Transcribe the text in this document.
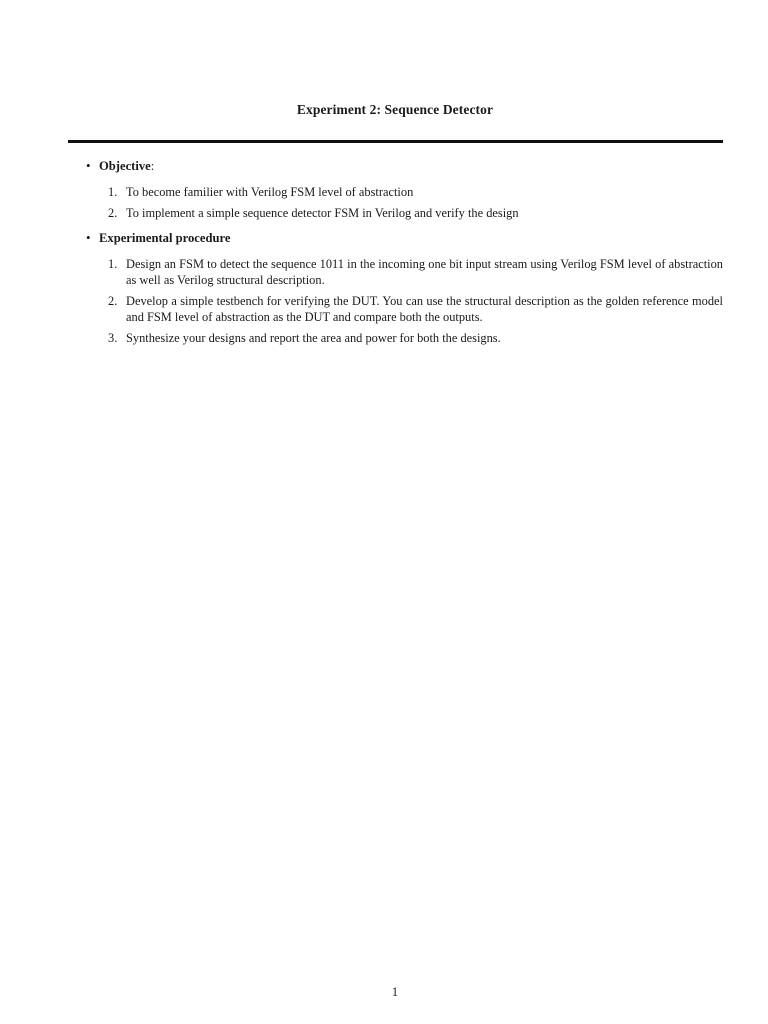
Experiment 2: Sequence Detector
• Objective:
1. To become familier with Verilog FSM level of abstraction
2. To implement a simple sequence detector FSM in Verilog and verify the design
• Experimental procedure
1. Design an FSM to detect the sequence 1011 in the incoming one bit input stream using Verilog FSM level of abstraction as well as Verilog structural description.
2. Develop a simple testbench for verifying the DUT. You can use the structural description as the golden reference model and FSM level of abstraction as the DUT and compare both the outputs.
3. Synthesize your designs and report the area and power for both the designs.
1
